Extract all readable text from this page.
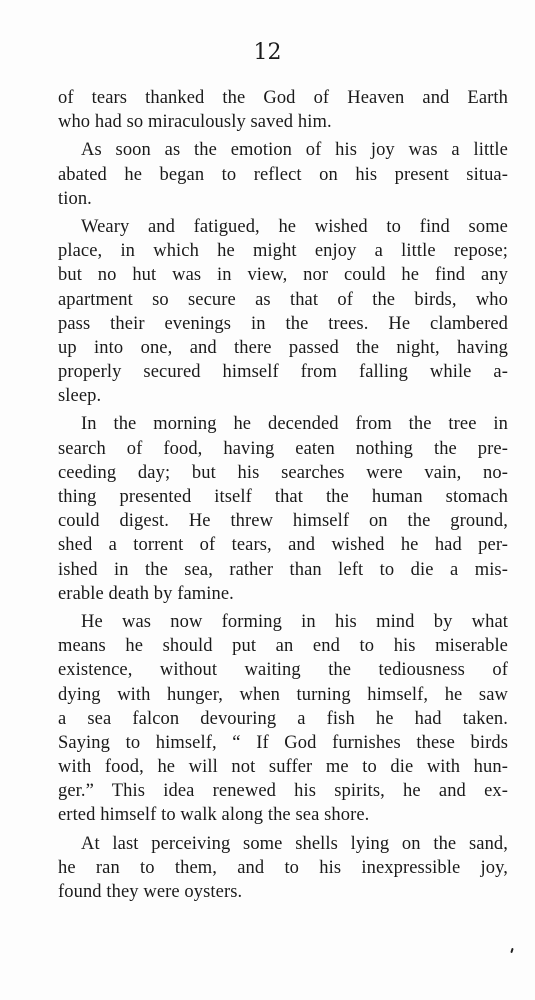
12
of tears thanked the God of Heaven and Earth
who had so miraculously saved him.
As soon as the emotion of his joy was a little
abated he began to reflect on his present situa-
tion.
Weary and fatigued, he wished to find some
place, in which he might enjoy a little repose;
but no hut was in view, nor could he find any
apartment so secure as that of the birds, who
pass their evenings in the trees. He clambered
up into one, and there passed the night, having
properly secured himself from falling while a-
sleep.
In the morning he decended from the tree in
search of food, having eaten nothing the pre-
ceeding day; but his searches were vain, no-
thing presented itself that the human stomach
could digest. He threw himself on the ground,
shed a torrent of tears, and wished he had per-
ished in the sea, rather than left to die a mis-
erable death by famine.
He was now forming in his mind by what
means he should put an end to his miserable
existence, without waiting the tediousness of
dying with hunger, when turning himself, he saw
a sea falcon devouring a fish he had taken.
Saying to himself, “ If God furnishes these birds
with food, he will not suffer me to die with hun-
ger.” This idea renewed his spirits, he and ex-
erted himself to walk along the sea shore.
At last perceiving some shells lying on the sand,
he ran to them, and to his inexpressible joy,
found they were oysters.
